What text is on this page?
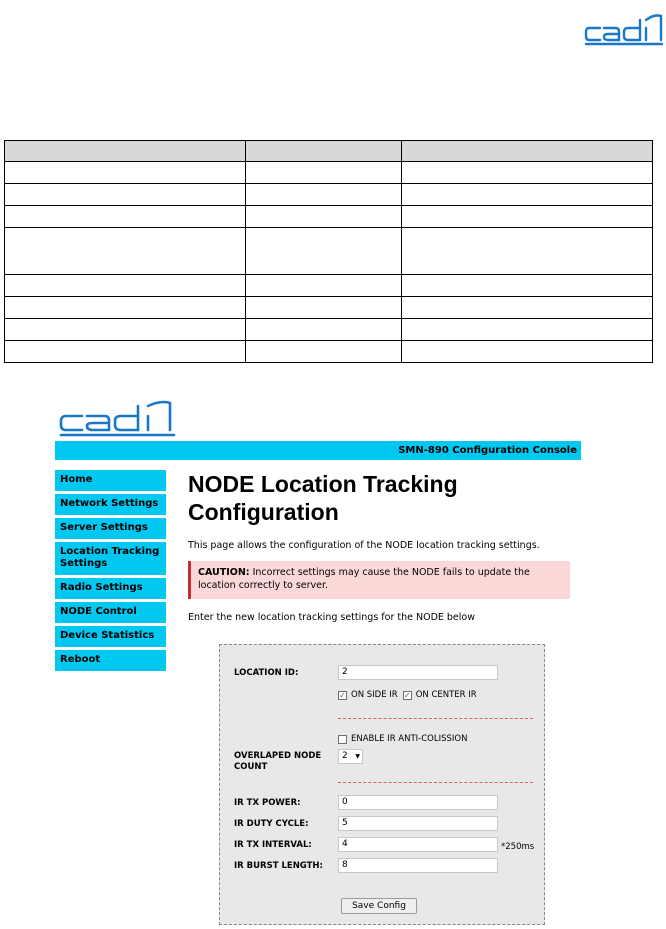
SMN-890 Configuration Console
Home
Network Settings
Server Settings
Location Tracking Settings
Radio Settings
NODE Control
Device Statistics
Reboot
NODE Location Tracking Configuration
This page allows the configuration of the NODE location tracking settings.
CAUTION: Incorrect settings may cause the NODE fails to update the location correctly to server.
Enter the new location tracking settings for the NODE below
LOCATION ID:	2
✓ ON SIDE IR ✓ ON CENTER IR
ENABLE IR ANTI-COLISSION
OVERLAPED NODE COUNT
2 ▼
IR TX POWER:	0
IR DUTY CYCLE:	5
IR TX INTERVAL:	4	*250ms
IR BURST LENGTH:	8
Save Config
